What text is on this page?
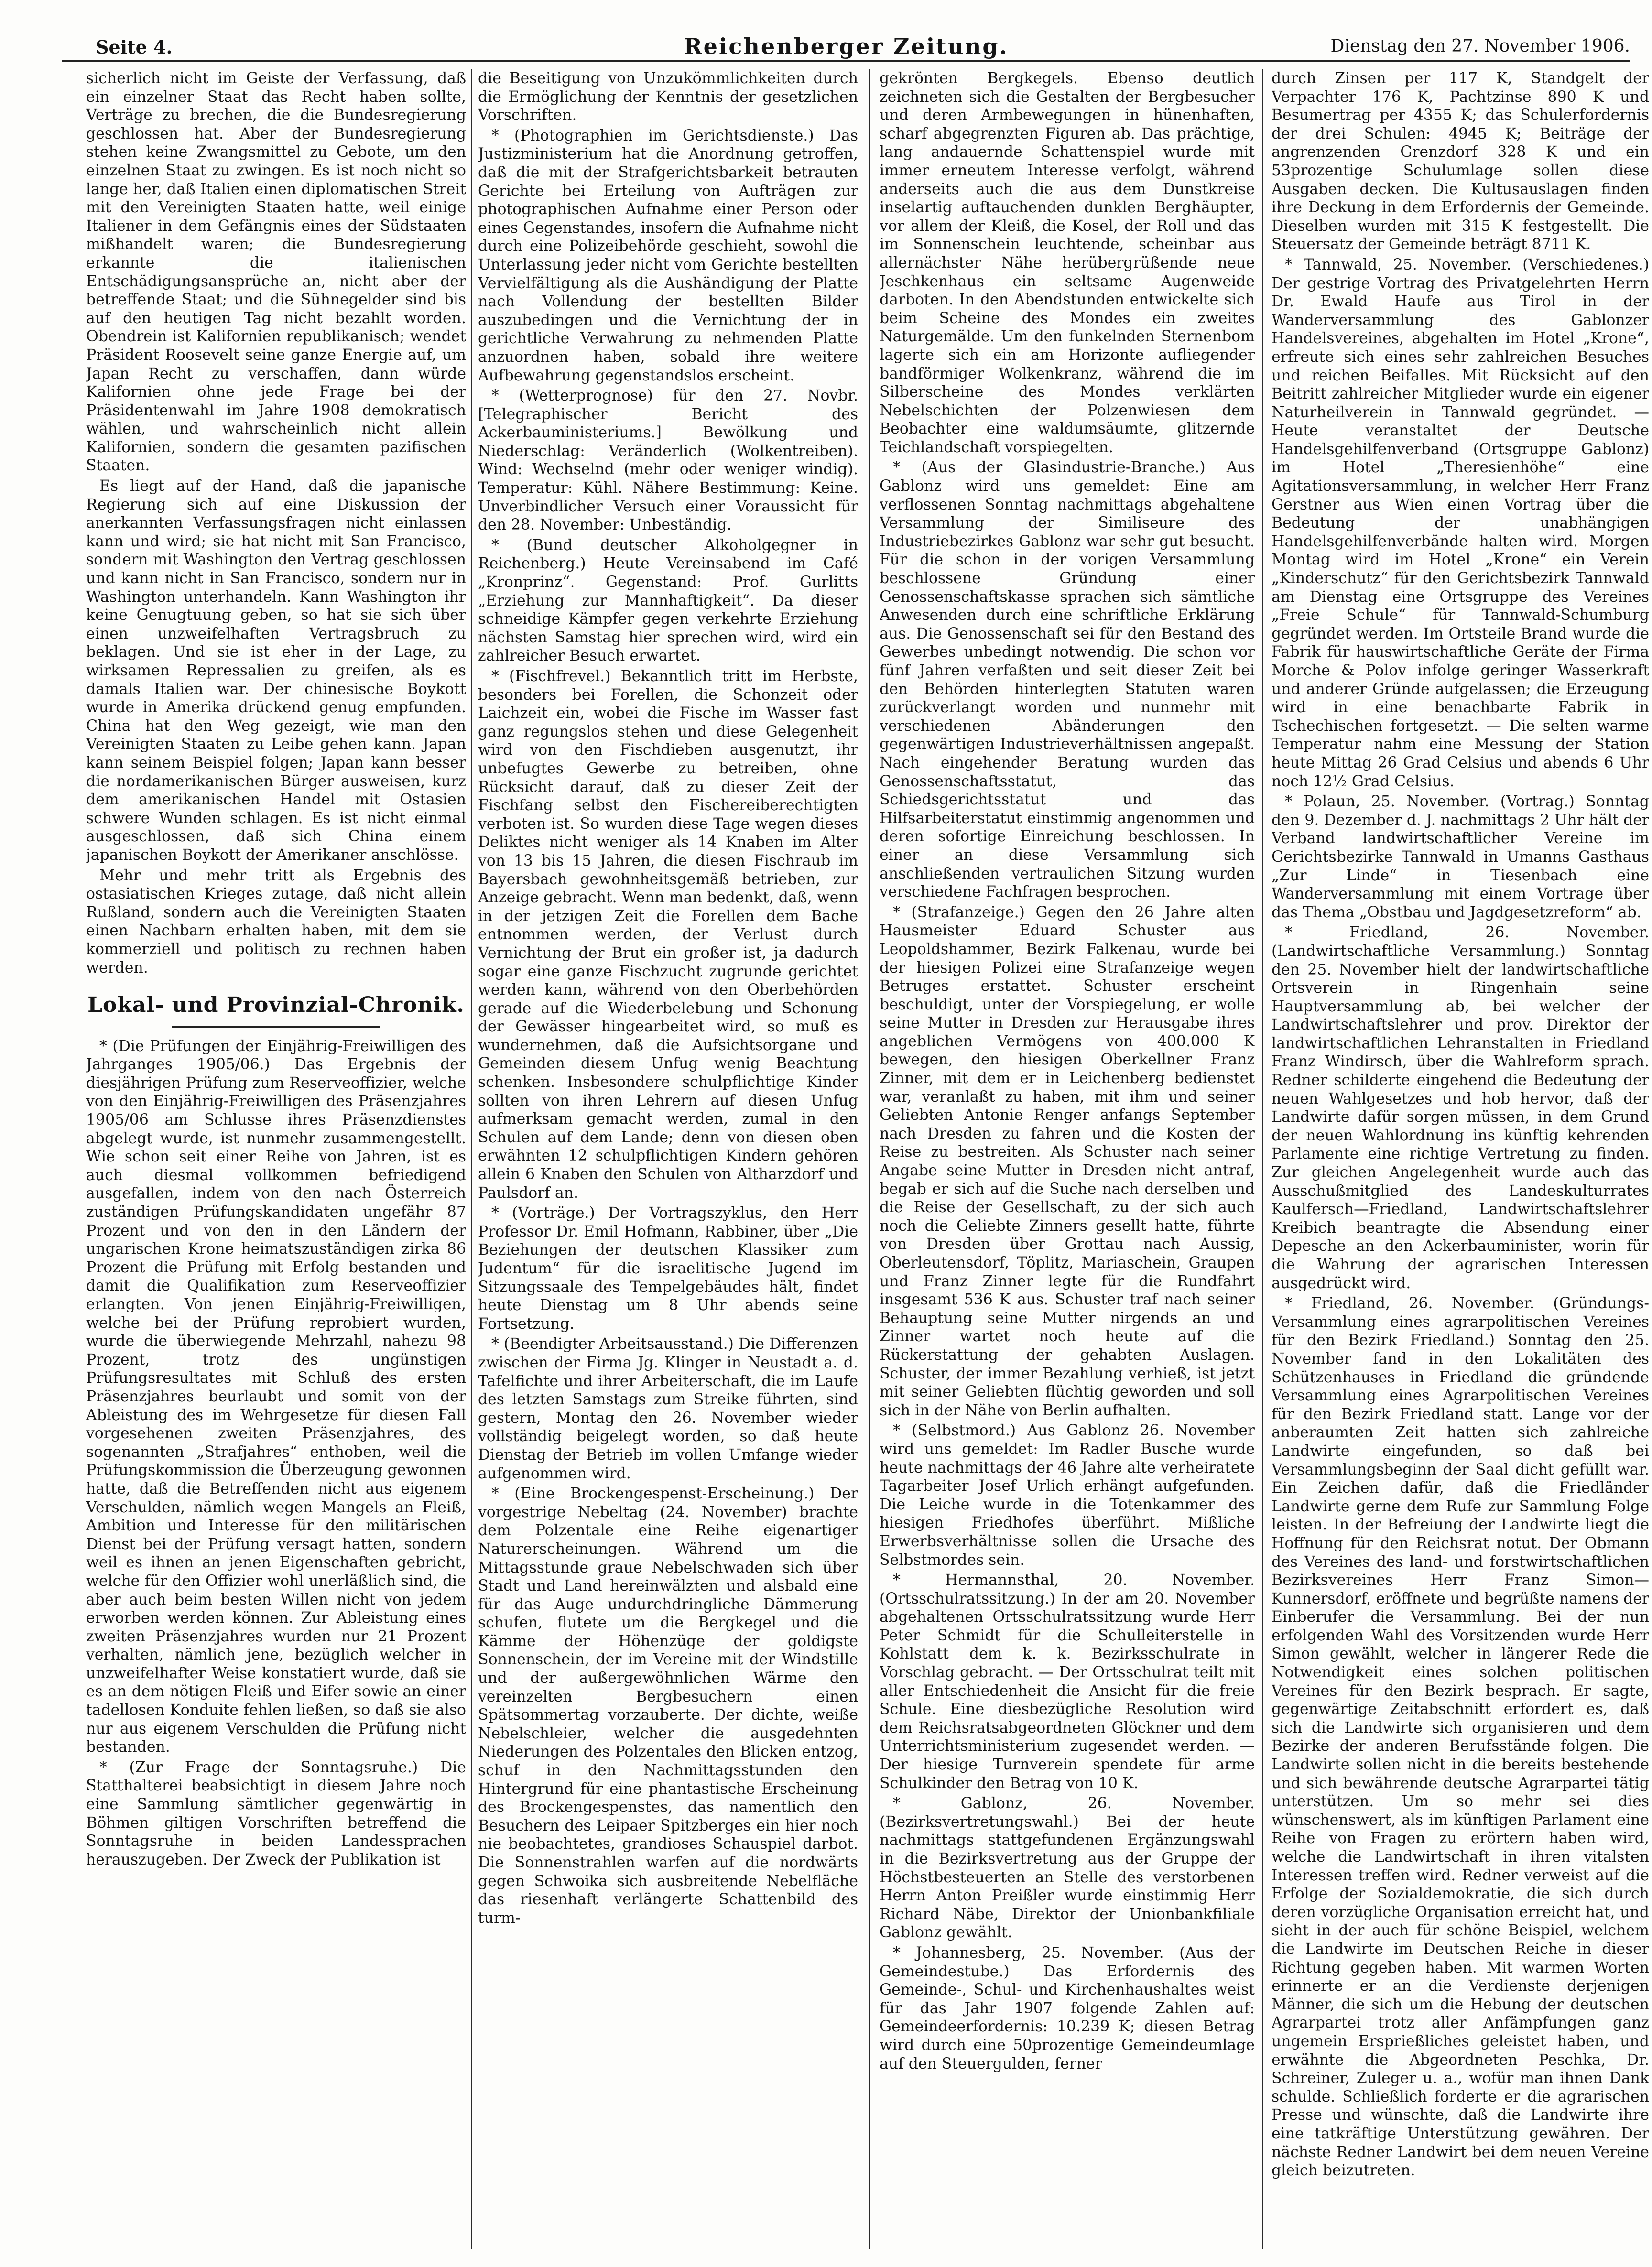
Seite 4.	Reichenberger Zeitung.	Dienstag den 27. November 1906.

sicherlich nicht im Geiste der Verfassung, daß ein einzelner Staat das Recht haben sollte, Verträge zu brechen, die die Bundesregierung geschlossen hat. Aber der Bundesregierung stehen keine Zwangsmittel zu Gebote, um den einzelnen Staat zu zwingen. Es ist noch nicht so lange her, daß Italien einen diplomatischen Streit mit den Vereinigten Staaten hatte, weil einige Italiener in dem Gefängnis eines der Südstaaten mißhandelt waren; die Bundesregierung erkannte die italienischen Entschädigungsansprüche an, nicht aber der betreffende Staat; und die Sühnegelder sind bis auf den heutigen Tag nicht bezahlt worden. Obendrein ist Kalifornien republikanisch; wendet Präsident Roosevelt seine ganze Energie auf, um Japan Recht zu verschaffen, dann würde Kalifornien ohne jede Frage bei der Präsidentenwahl im Jahre 1908 demokratisch wählen, und wahrscheinlich nicht allein Kalifornien, sondern die gesamten pazifischen Staaten.

Es liegt auf der Hand, daß die japanische Regierung sich auf eine Diskussion der anerkannten Verfassungsfragen nicht einlassen kann und wird; sie hat nicht mit San Francisco, sondern mit Washington den Vertrag geschlossen und kann nicht in San Francisco, sondern nur in Washington unterhandeln. Kann Washington ihr keine Genugtuung geben, so hat sie sich über einen unzweifelhaften Vertragsbruch zu beklagen. Und sie ist eher in der Lage, zu wirksamen Repressalien zu greifen, als es damals Italien war. Der chinesische Boykott wurde in Amerika drückend genug empfunden. China hat den Weg gezeigt, wie man den Vereinigten Staaten zu Leibe gehen kann. Japan kann seinem Beispiel folgen; Japan kann besser die nordamerikanischen Bürger ausweisen, kurz dem amerikanischen Handel mit Ostasien schwere Wunden schlagen. Es ist nicht einmal ausgeschlossen, daß sich China einem japanischen Boykott der Amerikaner anschlösse.

Mehr und mehr tritt als Ergebnis des ostasiatischen Krieges zutage, daß nicht allein Rußland, sondern auch die Vereinigten Staaten einen Nachbarn erhalten haben, mit dem sie kommerziell und politisch zu rechnen haben werden.

Lokal- und Provinzial-Chronik.

* (Die Prüfungen der Einjährig-Freiwilligen des Jahrganges 1905/06.) Das Ergebnis der diesjährigen Prüfung zum Reserveoffizier, welche von den Einjährig-Freiwilligen des Präsenzjahres 1905/06 am Schlusse ihres Präsenzdienstes abgelegt wurde, ist nunmehr zusammengestellt. Wie schon seit einer Reihe von Jahren, ist es auch diesmal vollkommen befriedigend ausgefallen, indem von den nach Österreich zuständigen Prüfungskandidaten ungefähr 87 Prozent und von den in den Ländern der ungarischen Krone heimatszuständigen zirka 86 Prozent die Prüfung mit Erfolg bestanden und damit die Qualifikation zum Reserveoffizier erlangten. Von jenen Einjährig-Freiwilligen, welche bei der Prüfung reprobiert wurden, wurde die überwiegende Mehrzahl, nahezu 98 Prozent, trotz des ungünstigen Prüfungsresultates mit Schluß des ersten Präsenzjahres beurlaubt und somit von der Ableistung des im Wehrgesetze für diesen Fall vorgesehenen zweiten Präsenzjahres, des sogenannten „Strafjahres“ enthoben, weil die Prüfungskommission die Überzeugung gewonnen hatte, daß die Betreffenden nicht aus eigenem Verschulden, nämlich wegen Mangels an Fleiß, Ambition und Interesse für den militärischen Dienst bei der Prüfung versagt hatten, sondern weil es ihnen an jenen Eigenschaften gebricht, welche für den Offizier wohl unerläßlich sind, die aber auch beim besten Willen nicht von jedem erworben werden können. Zur Ableistung eines zweiten Präsenzjahres wurden nur 21 Prozent verhalten, nämlich jene, bezüglich welcher in unzweifelhafter Weise konstatiert wurde, daß sie es an dem nötigen Fleiß und Eifer sowie an einer tadellosen Konduite fehlen ließen, so daß sie also nur aus eigenem Verschulden die Prüfung nicht bestanden.

* (Zur Frage der Sonntagsruhe.) Die Statthalterei beabsichtigt in diesem Jahre noch eine Sammlung sämtlicher gegenwärtig in Böhmen giltigen Vorschriften betreffend die Sonntagsruhe in beiden Landessprachen herauszugeben. Der Zweck der Publikation ist

die Beseitigung von Unzukömmlichkeiten durch die Ermöglichung der Kenntnis der gesetzlichen Vorschriften.

* (Photographien im Gerichtsdienste.) Das Justizministerium hat die Anordnung getroffen, daß die mit der Strafgerichtsbarkeit betrauten Gerichte bei Erteilung von Aufträgen zur photographischen Aufnahme einer Person oder eines Gegenstandes, insofern die Aufnahme nicht durch eine Polizeibehörde geschieht, sowohl die Unterlassung jeder nicht vom Gerichte bestellten Vervielfältigung als die Aushändigung der Platte nach Vollendung der bestellten Bilder auszubedingen und die Vernichtung der in gerichtliche Verwahrung zu nehmenden Platte anzuordnen haben, sobald ihre weitere Aufbewahrung gegenstandslos erscheint.

* (Wetterprognose) für den 27. Novbr. [Telegraphischer Bericht des Ackerbauministeriums.] Bewölkung und Niederschlag: Veränderlich (Wolkentreiben). Wind: Wechselnd (mehr oder weniger windig). Temperatur: Kühl. Nähere Bestimmung: Keine. Unverbindlicher Versuch einer Voraussicht für den 28. November: Unbeständig.

* (Bund deutscher Alkoholgegner in Reichenberg.) Heute Vereinsabend im Café „Kronprinz“. Gegenstand: Prof. Gurlitts „Erziehung zur Mannhaftigkeit“. Da dieser schneidige Kämpfer gegen verkehrte Erziehung nächsten Samstag hier sprechen wird, wird ein zahlreicher Besuch erwartet.

* (Fischfrevel.) Bekanntlich tritt im Herbste, besonders bei Forellen, die Schonzeit oder Laichzeit ein, wobei die Fische im Wasser fast ganz regungslos stehen und diese Gelegenheit wird von den Fischdieben ausgenutzt, ihr unbefugtes Gewerbe zu betreiben, ohne Rücksicht darauf, daß zu dieser Zeit der Fischfang selbst den Fischereiberechtigten verboten ist. So wurden diese Tage wegen dieses Deliktes nicht weniger als 14 Knaben im Alter von 13 bis 15 Jahren, die diesen Fischraub im Bayersbach gewohnheitsgemäß betrieben, zur Anzeige gebracht. Wenn man bedenkt, daß, wenn in der jetzigen Zeit die Forellen dem Bache entnommen werden, der Verlust durch Vernichtung der Brut ein großer ist, ja dadurch sogar eine ganze Fischzucht zugrunde gerichtet werden kann, während von den Oberbehörden gerade auf die Wiederbelebung und Schonung der Gewässer hingearbeitet wird, so muß es wundernehmen, daß die Aufsichtsorgane und Gemeinden diesem Unfug wenig Beachtung schenken. Insbesondere schulpflichtige Kinder sollten von ihren Lehrern auf diesen Unfug aufmerksam gemacht werden, zumal in den Schulen auf dem Lande; denn von diesen oben erwähnten 12 schulpflichtigen Kindern gehören allein 6 Knaben den Schulen von Altharzdorf und Paulsdorf an.

* (Vorträge.) Der Vortragszyklus, den Herr Professor Dr. Emil Hofmann, Rabbiner, über „Die Beziehungen der deutschen Klassiker zum Judentum“ für die israelitische Jugend im Sitzungssaale des Tempelgebäudes hält, findet heute Dienstag um 8 Uhr abends seine Fortsetzung.

* (Beendigter Arbeitsausstand.) Die Differenzen zwischen der Firma Jg. Klinger in Neustadt a. d. Tafelfichte und ihrer Arbeiterschaft, die im Laufe des letzten Samstags zum Streike führten, sind gestern, Montag den 26. November wieder vollständig beigelegt worden, so daß heute Dienstag der Betrieb im vollen Umfange wieder aufgenommen wird.

* (Eine Brockengespenst-Erscheinung.) Der vorgestrige Nebeltag (24. November) brachte dem Polzentale eine Reihe eigenartiger Naturerscheinungen. Während um die Mittagsstunde graue Nebelschwaden sich über Stadt und Land hereinwälzten und alsbald eine für das Auge undurchdringliche Dämmerung schufen, flutete um die Bergkegel und die Kämme der Höhenzüge der goldigste Sonnenschein, der im Vereine mit der Windstille und der außergewöhnlichen Wärme den vereinzelten Bergbesuchern einen Spätsommertag vorzauberte. Der dichte, weiße Nebelschleier, welcher die ausgedehnten Niederungen des Polzentales den Blicken entzog, schuf in den Nachmittagsstunden den Hintergrund für eine phantastische Erscheinung des Brockengespenstes, das namentlich den Besuchern des Leipaer Spitzberges ein hier noch nie beobachtetes, grandioses Schauspiel darbot. Die Sonnenstrahlen warfen auf die nordwärts gegen Schwoika sich ausbreitende Nebelfläche das riesenhaft verlängerte Schattenbild des turm-

gekrönten Bergkegels. Ebenso deutlich zeichneten sich die Gestalten der Bergbesucher und deren Armbewegungen in hünenhaften, scharf abgegrenzten Figuren ab. Das prächtige, lang andauernde Schattenspiel wurde mit immer erneutem Interesse verfolgt, während anderseits auch die aus dem Dunstkreise inselartig auftauchenden dunklen Berghäupter, vor allem der Kleiß, die Kosel, der Roll und das im Sonnenschein leuchtende, scheinbar aus allernächster Nähe herübergrüßende neue Jeschkenhaus ein seltsame Augenweide darboten. In den Abendstunden entwickelte sich beim Scheine des Mondes ein zweites Naturgemälde. Um den funkelnden Sternenbom lagerte sich ein am Horizonte aufliegender bandförmiger Wolkenkranz, während die im Silberscheine des Mondes verklärten Nebelschichten der Polzenwiesen dem Beobachter eine waldumsäumte, glitzernde Teichlandschaft vorspiegelten.

* (Aus der Glasindustrie-Branche.) Aus Gablonz wird uns gemeldet: Eine am verflossenen Sonntag nachmittags abgehaltene Versammlung der Similiseure des Industriebezirkes Gablonz war sehr gut besucht. Für die schon in der vorigen Versammlung beschlossene Gründung einer Genossenschaftskasse sprachen sich sämtliche Anwesenden durch eine schriftliche Erklärung aus. Die Genossenschaft sei für den Bestand des Gewerbes unbedingt notwendig. Die schon vor fünf Jahren verfaßten und seit dieser Zeit bei den Behörden hinterlegten Statuten waren zurückverlangt worden und nunmehr mit verschiedenen Abänderungen den gegenwärtigen Industrieverhältnissen angepaßt. Nach eingehender Beratung wurden das Genossenschaftsstatut, das Schiedsgerichtsstatut und das Hilfsarbeiterstatut einstimmig angenommen und deren sofortige Einreichung beschlossen. In einer an diese Versammlung sich anschließenden vertraulichen Sitzung wurden verschiedene Fachfragen besprochen.

* (Strafanzeige.) Gegen den 26 Jahre alten Hausmeister Eduard Schuster aus Leopoldshammer, Bezirk Falkenau, wurde bei der hiesigen Polizei eine Strafanzeige wegen Betruges erstattet. Schuster erscheint beschuldigt, unter der Vorspiegelung, er wolle seine Mutter in Dresden zur Herausgabe ihres angeblichen Vermögens von 400.000 K bewegen, den hiesigen Oberkellner Franz Zinner, mit dem er in Leichenberg bedienstet war, veranlaßt zu haben, mit ihm und seiner Geliebten Antonie Renger anfangs September nach Dresden zu fahren und die Kosten der Reise zu bestreiten. Als Schuster nach seiner Angabe seine Mutter in Dresden nicht antraf, begab er sich auf die Suche nach derselben und die Reise der Gesellschaft, zu der sich auch noch die Geliebte Zinners gesellt hatte, führte von Dresden über Grottau nach Aussig, Oberleutensdorf, Töplitz, Mariaschein, Graupen und Franz Zinner legte für die Rundfahrt insgesamt 536 K aus. Schuster traf nach seiner Behauptung seine Mutter nirgends an und Zinner wartet noch heute auf die Rückerstattung der gehabten Auslagen. Schuster, der immer Bezahlung verhieß, ist jetzt mit seiner Geliebten flüchtig geworden und soll sich in der Nähe von Berlin aufhalten.

* (Selbstmord.) Aus Gablonz 26. November wird uns gemeldet: Im Radler Busche wurde heute nachmittags der 46 Jahre alte verheiratete Tagarbeiter Josef Urlich erhängt aufgefunden. Die Leiche wurde in die Totenkammer des hiesigen Friedhofes überführt. Mißliche Erwerbsverhältnisse sollen die Ursache des Selbstmordes sein.

* Hermannsthal, 20. November. (Ortsschulratssitzung.) In der am 20. November abgehaltenen Ortsschulratssitzung wurde Herr Peter Schmidt für die Schulleiterstelle in Kohlstatt dem k. k. Bezirksschulrate in Vorschlag gebracht. — Der Ortsschulrat teilt mit aller Entschiedenheit die Ansicht für die freie Schule. Eine diesbezügliche Resolution wird dem Reichsratsabgeordneten Glöckner und dem Unterrichtsministerium zugesendet werden. — Der hiesige Turnverein spendete für arme Schulkinder den Betrag von 10 K.

* Gablonz, 26. November. (Bezirksvertretungswahl.) Bei der heute nachmittags stattgefundenen Ergänzungswahl in die Bezirksvertretung aus der Gruppe der Höchstbesteuerten an Stelle des verstorbenen Herrn Anton Preißler wurde einstimmig Herr Richard Näbe, Direktor der Unionbankfiliale Gablonz gewählt.

* Johannesberg, 25. November. (Aus der Gemeindestube.) Das Erfordernis des Gemeinde-, Schul- und Kirchenhaushaltes weist für das Jahr 1907 folgende Zahlen auf: Gemeindeerfordernis: 10.239 K; diesen Betrag wird durch eine 50prozentige Gemeindeumlage auf den Steuergulden, ferner

durch Zinsen per 117 K, Standgelt der Verpachter 176 K, Pachtzinse 890 K und Besumertrag per 4355 K; das Schulerfordernis der drei Schulen: 4945 K; Beiträge der angrenzenden Grenzdorf 328 K und ein 53prozentige Schulumlage sollen diese Ausgaben decken. Die Kultusauslagen finden ihre Deckung in dem Erfordernis der Gemeinde. Dieselben wurden mit 315 K festgestellt. Die Steuersatz der Gemeinde beträgt 8711 K.

* Tannwald, 25. November. (Verschiedenes.) Der gestrige Vortrag des Privatgelehrten Herrn Dr. Ewald Haufe aus Tirol in der Wanderversammlung des Gablonzer Handelsvereines, abgehalten im Hotel „Krone“, erfreute sich eines sehr zahlreichen Besuches und reichen Beifalles. Mit Rücksicht auf den Beitritt zahlreicher Mitglieder wurde ein eigener Naturheilverein in Tannwald gegründet. — Heute veranstaltet der Deutsche Handelsgehilfenverband (Ortsgruppe Gablonz) im Hotel „Theresienhöhe“ eine Agitationsversammlung, in welcher Herr Franz Gerstner aus Wien einen Vortrag über die Bedeutung der unabhängigen Handelsgehilfenverbände halten wird. Morgen Montag wird im Hotel „Krone“ ein Verein „Kinderschutz“ für den Gerichtsbezirk Tannwald am Dienstag eine Ortsgruppe des Vereines „Freie Schule“ für Tannwald-Schumburg gegründet werden. Im Ortsteile Brand wurde die Fabrik für hauswirtschaftliche Geräte der Firma Morche & Polov infolge geringer Wasserkraft und anderer Gründe aufgelassen; die Erzeugung wird in eine benachbarte Fabrik in Tschechischen fortgesetzt. — Die selten warme Temperatur nahm eine Messung der Station heute Mittag 26 Grad Celsius und abends 6 Uhr noch 12½ Grad Celsius.

* Polaun, 25. November. (Vortrag.) Sonntag den 9. Dezember d. J. nachmittags 2 Uhr hält der Verband landwirtschaftlicher Vereine im Gerichtsbezirke Tannwald in Umanns Gasthaus „Zur Linde“ in Tiesenbach eine Wanderversammlung mit einem Vortrage über das Thema „Obstbau und Jagdgesetzreform“ ab.

* Friedland, 26. November. (Landwirtschaftliche Versammlung.) Sonntag den 25. November hielt der landwirtschaftliche Ortsverein in Ringenhain seine Hauptversammlung ab, bei welcher der Landwirtschaftslehrer und prov. Direktor der landwirtschaftlichen Lehranstalten in Friedland Franz Windirsch, über die Wahlreform sprach. Redner schilderte eingehend die Bedeutung der neuen Wahlgesetzes und hob hervor, daß der Landwirte dafür sorgen müssen, in dem Grund der neuen Wahlordnung ins künftig kehrenden Parlamente eine richtige Vertretung zu finden. Zur gleichen Angelegenheit wurde auch das Ausschußmitglied des Landeskulturrates Kaulfersch—Friedland, Landwirtschaftslehrer Kreibich beantragte die Absendung einer Depesche an den Ackerbauminister, worin für die Wahrung der agrarischen Interessen ausgedrückt wird.

* Friedland, 26. November. (Gründungs-Versammlung eines agrarpolitischen Vereines für den Bezirk Friedland.) Sonntag den 25. November fand in den Lokalitäten des Schützenhauses in Friedland die gründende Versammlung eines Agrarpolitischen Vereines für den Bezirk Friedland statt. Lange vor der anberaumten Zeit hatten sich zahlreiche Landwirte eingefunden, so daß bei Versammlungsbeginn der Saal dicht gefüllt war. Ein Zeichen dafür, daß die Friedländer Landwirte gerne dem Rufe zur Sammlung Folge leisten. In der Befreiung der Landwirte liegt die Hoffnung für den Reichsrat notut. Der Obmann des Vereines des land- und forstwirtschaftlichen Bezirksvereines Herr Franz Simon—Kunnersdorf, eröffnete und begrüßte namens der Einberufer die Versammlung. Bei der nun erfolgenden Wahl des Vorsitzenden wurde Herr Simon gewählt, welcher in längerer Rede die Notwendigkeit eines solchen politischen Vereines für den Bezirk besprach. Er sagte, gegenwärtige Zeitabschnitt erfordert es, daß sich die Landwirte sich organisieren und dem Bezirke der anderen Berufsstände folgen. Die Landwirte sollen nicht in die bereits bestehende und sich bewährende deutsche Agrarpartei tätig unterstützen. Um so mehr sei dies wünschenswert, als im künftigen Parlament eine Reihe von Fragen zu erörtern haben wird, welche die Landwirtschaft in ihren vitalsten Interessen treffen wird. Redner verweist auf die Erfolge der Sozialdemokratie, die sich durch deren vorzügliche Organisation erreicht hat, und sieht in der auch für schöne Beispiel, welchem die Landwirte im Deutschen Reiche in dieser Richtung gegeben haben. Mit warmen Worten erinnerte er an die Verdienste derjenigen Männer, die sich um die Hebung der deutschen Agrarpartei trotz aller Anfämpfungen ganz ungemein Ersprießliches geleistet haben, und erwähnte die Abgeordneten Peschka, Dr. Schreiner, Zuleger u. a., wofür man ihnen Dank schulde. Schließlich forderte er die agrarischen Presse und wünschte, daß die Landwirte ihre eine tatkräftige Unterstützung gewähren. Der nächste Redner Landwirt bei dem neuen Vereine gleich beizutreten.
